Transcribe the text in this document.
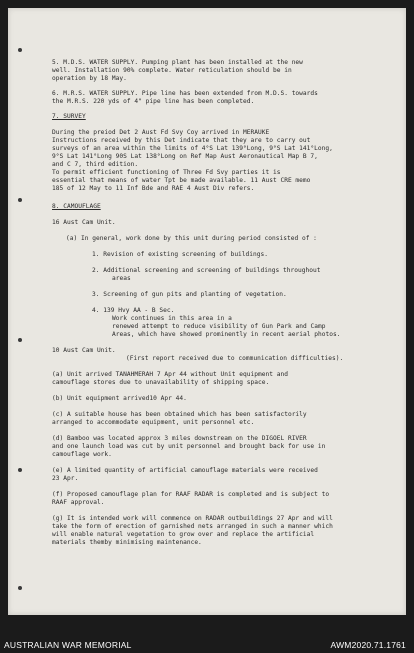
5. M.D.S. WATER SUPPLY. Pumping plant has been installed at the new
well. Installation 90% complete. Water reticulation should be in
operation by 18 May.
6. M.R.S. WATER SUPPLY. Pipe line has been extended from M.D.S. towards
the M.R.S. 220 yds of 4" pipe line has been completed.
7. SURVEY
During the preiod Det 2 Aust Fd Svy Coy arrived in MERAUKE
Instructions received by this Det indicate that they are to carry out
surveys of an area within the limits of 4°S Lat 139°Long, 9°S Lat 141°Long,
9°S Lat 141°Long 90S Lat 138°Long on Ref Map Aust Aeronautical Map B 7,
and C 7, third edition.
To permit efficient functioning of Three Fd Svy parties it is
essential that means of water Tpt be made available. 11 Aust CRE memo
185 of 12 May to 11 Inf Bde and RAE 4 Aust Div refers.
8. CAMOUFLAGE
16 Aust Cam Unit.
(a) In general, work done by this unit during period consisted of :
1. Revision of existing screening of buildings.
2. Additional screening and screening of buildings throughout
areas
3. Screening of gun pits and planting of vegetation.
4. 139 Hvy AA - B Sec.
Work continues in this area in a
renewed attempt to reduce visibility of Gun Park and Camp
Areas, which have showed prominently in recent aerial photos.
10 Aust Cam Unit.
(First report received due to communication difficulties).
(a) Unit arrived TANAHMERAH 7 Apr 44 without Unit equipment and
camouflage stores due to unavailability of shipping space.
(b) Unit equipment arrived10 Apr 44.
(c) A suitable house has been obtained which has been satisfactorily
arranged to accommodate equipment, unit personnel etc.
(d) Bamboo was located approx 3 miles downstream on the DIGOEL RIVER
and one launch load was cut by unit personnel and brought back for use in
camouflage work.
(e) A limited quantity of artificial camouflage materials were received
23 Apr.
(f) Proposed camouflage plan for RAAF RADAR is completed and is subject to
RAAF approval.
(g) It is intended work will commence on RADAR outbuildings 27 Apr and will
take the form of erection of garnished nets arranged in such a manner which
will enable natural vegetation to grow over and replace the artificial
materials themby minimising maintenance.
AUSTRALIAN WAR MEMORIAL	AWM2020.71.1761
